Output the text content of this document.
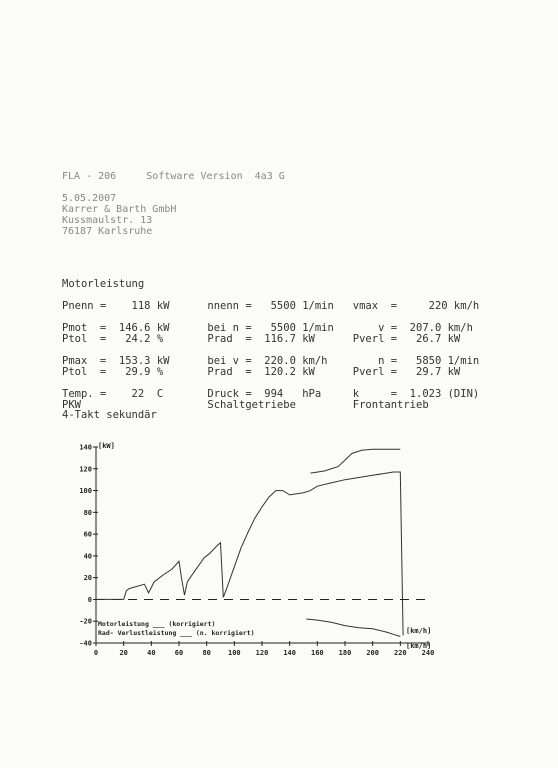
FLA - 206     Software Version  4a3 G
5.05.2007
Karrer & Barth GmbH
Kussmaulstr. 13
76187 Karlsruhe
Motorleistung
Pnenn =    118 kW      nnenn =   5500 1/min   vmax  =     220 km/h
Pmot  =  146.6 kW      bei n =   5500 1/min       v =  207.0 km/h
Ptol  =   24.2 %       Prad  =  116.7 kW      Pverl =   26.7 kW
Pmax  =  153.3 kW      bei v =  220.0 km/h        n =   5850 1/min
Ptol  =   29.9 %       Prad  =  120.2 kW      Pverl =   29.7 kW
Temp. =    22  C       Druck =  994   hPa     k     =  1.023 (DIN)
PKW                    Schaltgetriebe         Frontantrieb
4-Takt sekundär
140
120
100
80
60
40
20
0
-20
-40
0	20	40	60	80 100 120 140 160 180 200 220 240
[kW]
[km/h]
[km/h]
Motorleistung ___ (korrigiert)
Rad- Verlustleistung ___ (n. korrigiert)
